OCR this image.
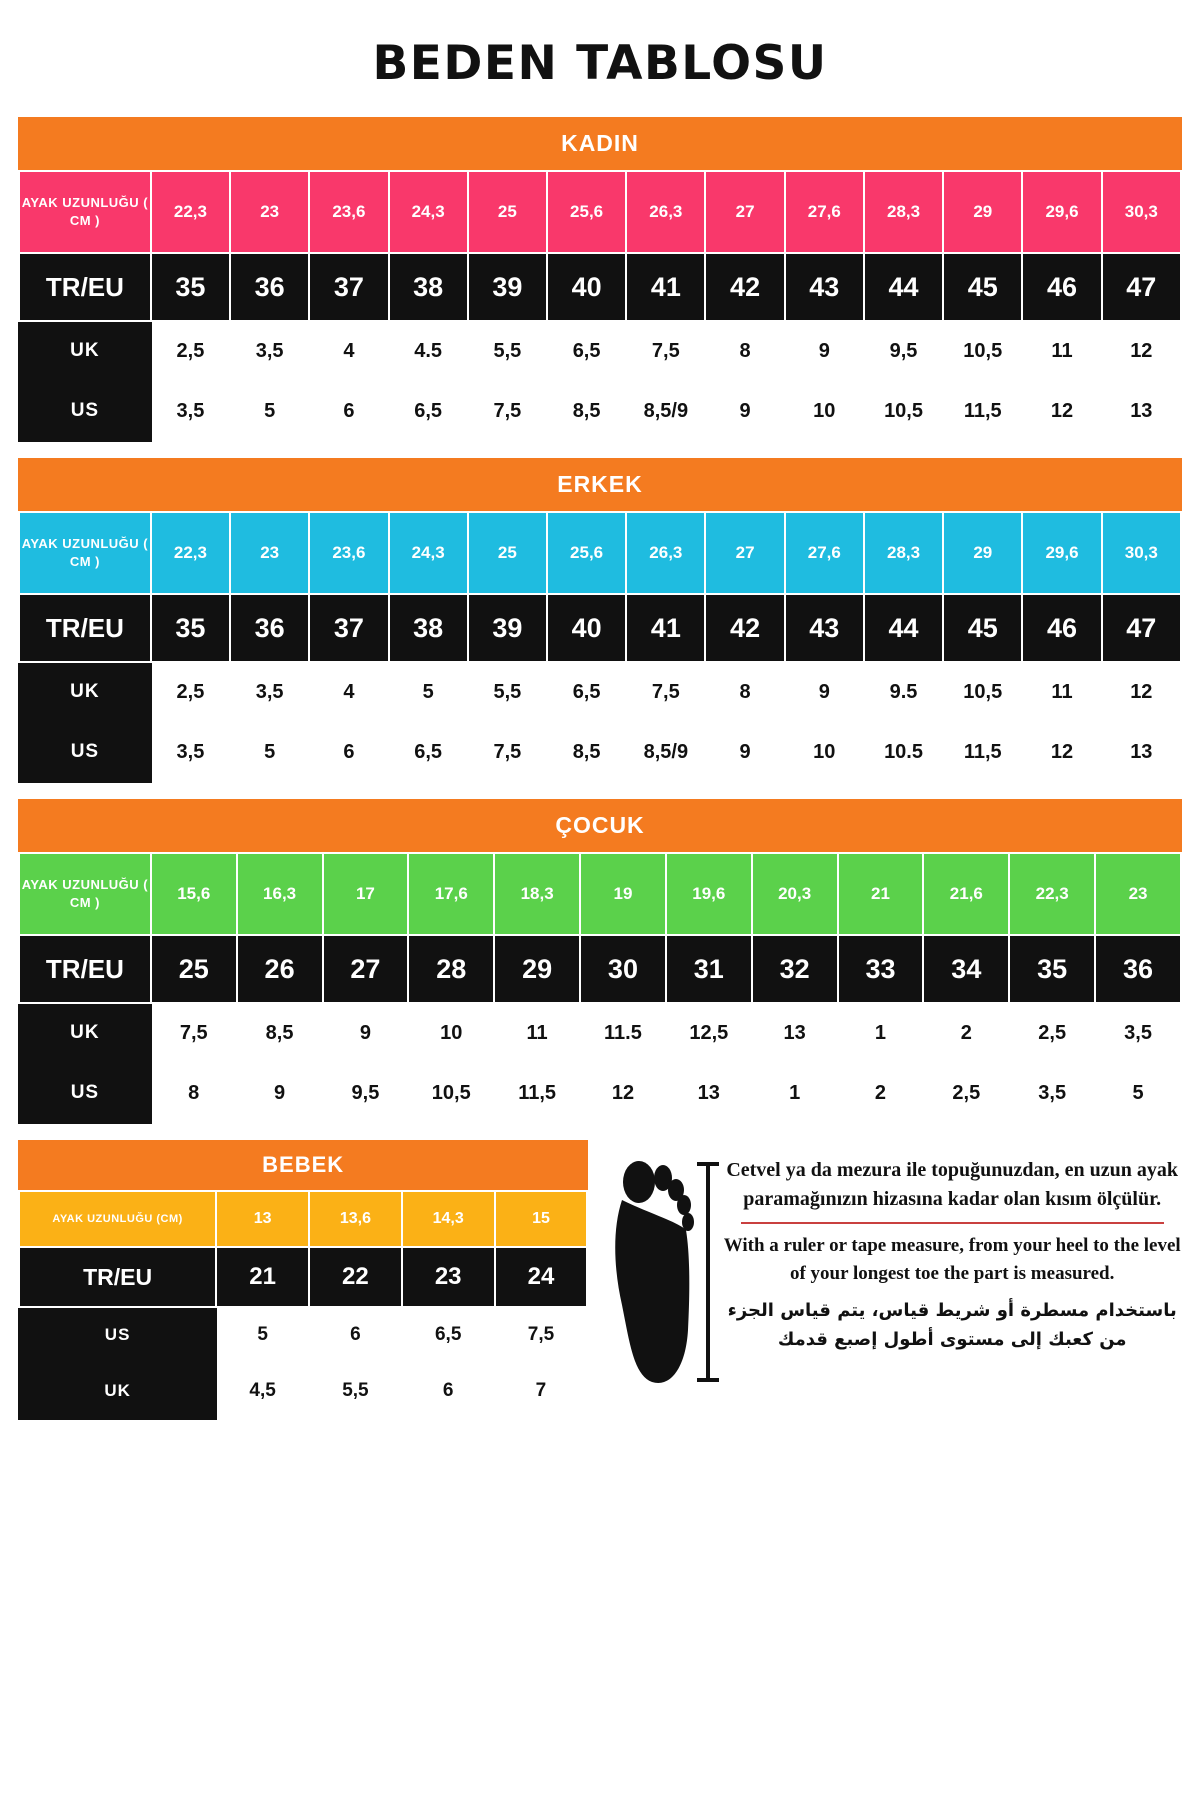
BEDEN TABLOSU
KADIN
AYAK UZUNLUĞU ( CM )	22,3	23	23,6	24,3	25	25,6	26,3	27	27,6	28,3	29	29,6	30,3
TR/EU	35	36	37	38	39	40	41	42	43	44	45	46	47
UK	2,5	3,5	4	4.5	5,5	6,5	7,5	8	9	9,5	10,5	11	12
US	3,5	5	6	6,5	7,5	8,5	8,5/9	9	10	10,5	11,5	12	13
ERKEK
AYAK UZUNLUĞU ( CM )	22,3	23	23,6	24,3	25	25,6	26,3	27	27,6	28,3	29	29,6	30,3
TR/EU	35	36	37	38	39	40	41	42	43	44	45	46	47
UK	2,5	3,5	4	5	5,5	6,5	7,5	8	9	9.5	10,5	11	12
US	3,5	5	6	6,5	7,5	8,5	8,5/9	9	10	10.5	11,5	12	13
ÇOCUK
AYAK UZUNLUĞU ( CM )	15,6	16,3	17	17,6	18,3	19	19,6	20,3	21	21,6	22,3	23
TR/EU	25	26	27	28	29	30	31	32	33	34	35	36
UK	7,5	8,5	9	10	11	11.5	12,5	13	1	2	2,5	3,5
US	8	9	9,5	10,5	11,5	12	13	1	2	2,5	3,5	5
BEBEK
AYAK UZUNLUĞU (CM)	13	13,6	14,3	15
TR/EU	21	22	23	24
US	5	6	6,5	7,5
UK	4,5	5,5	6	7
Cetvel ya da mezura ile topuğunuzdan, en uzun ayak paramağınızın hizasına kadar olan kısım ölçülür.
With a ruler or tape measure, from your heel to the level of your longest toe the part is measured.
باستخدام مسطرة أو شريط قياس، يتم قياس الجزء من كعبك إلى مستوى أطول إصبع قدمك
